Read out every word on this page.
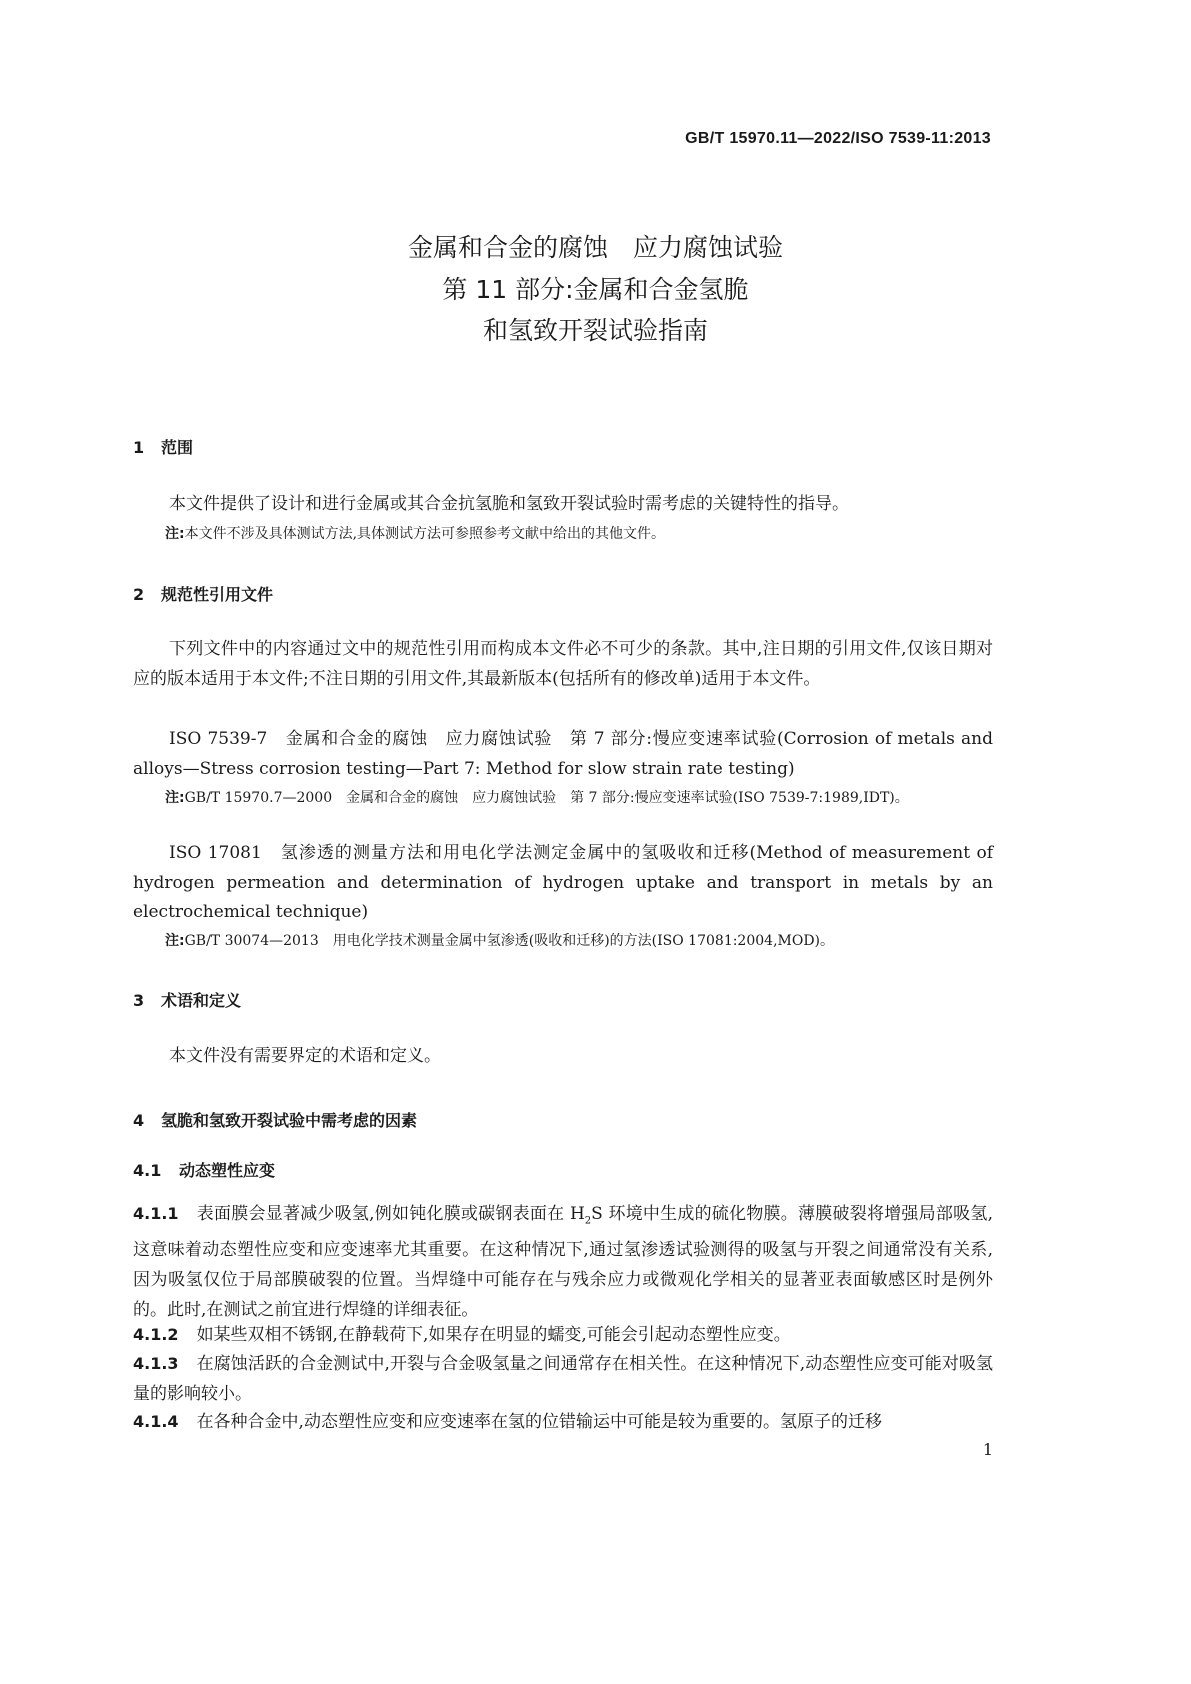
GB/T 15970.11—2022/ISO 7539-11:2013
金属和合金的腐蚀　应力腐蚀试验
第 11 部分:金属和合金氢脆
和氢致开裂试验指南
1 范围
本文件提供了设计和进行金属或其合金抗氢脆和氢致开裂试验时需考虑的关键特性的指导。
注:本文件不涉及具体测试方法,具体测试方法可参照参考文献中给出的其他文件。
2 规范性引用文件
下列文件中的内容通过文中的规范性引用而构成本文件必不可少的条款。其中,注日期的引用文件,仅该日期对应的版本适用于本文件;不注日期的引用文件,其最新版本(包括所有的修改单)适用于本文件。
ISO 7539-7　金属和合金的腐蚀　应力腐蚀试验　第 7 部分:慢应变速率试验(Corrosion of metals and alloys—Stress corrosion testing—Part 7: Method for slow strain rate testing)
注:GB/T 15970.7—2000　金属和合金的腐蚀　应力腐蚀试验　第 7 部分:慢应变速率试验(ISO 7539-7:1989,IDT)。
ISO 17081　氢渗透的测量方法和用电化学法测定金属中的氢吸收和迁移(Method of measurement of hydrogen permeation and determination of hydrogen uptake and transport in metals by an electrochemical technique)
注:GB/T 30074—2013　用电化学技术测量金属中氢渗透(吸收和迁移)的方法(ISO 17081:2004,MOD)。
3 术语和定义
本文件没有需要界定的术语和定义。
4 氢脆和氢致开裂试验中需考虑的因素
4.1 动态塑性应变
4.1.1 表面膜会显著减少吸氢,例如钝化膜或碳钢表面在 $H_2S$ 环境中生成的硫化物膜。薄膜破裂将增强局部吸氢,这意味着动态塑性应变和应变速率尤其重要。在这种情况下,通过氢渗透试验测得的吸氢与开裂之间通常没有关系,因为吸氢仅位于局部膜破裂的位置。当焊缝中可能存在与残余应力或微观化学相关的显著亚表面敏感区时是例外的。此时,在测试之前宜进行焊缝的详细表征。
4.1.2 如某些双相不锈钢,在静载荷下,如果存在明显的蠕变,可能会引起动态塑性应变。
4.1.3 在腐蚀活跃的合金测试中,开裂与合金吸氢量之间通常存在相关性。在这种情况下,动态塑性应变可能对吸氢量的影响较小。
4.1.4 在各种合金中,动态塑性应变和应变速率在氢的位错输运中可能是较为重要的。氢原子的迁移
1
